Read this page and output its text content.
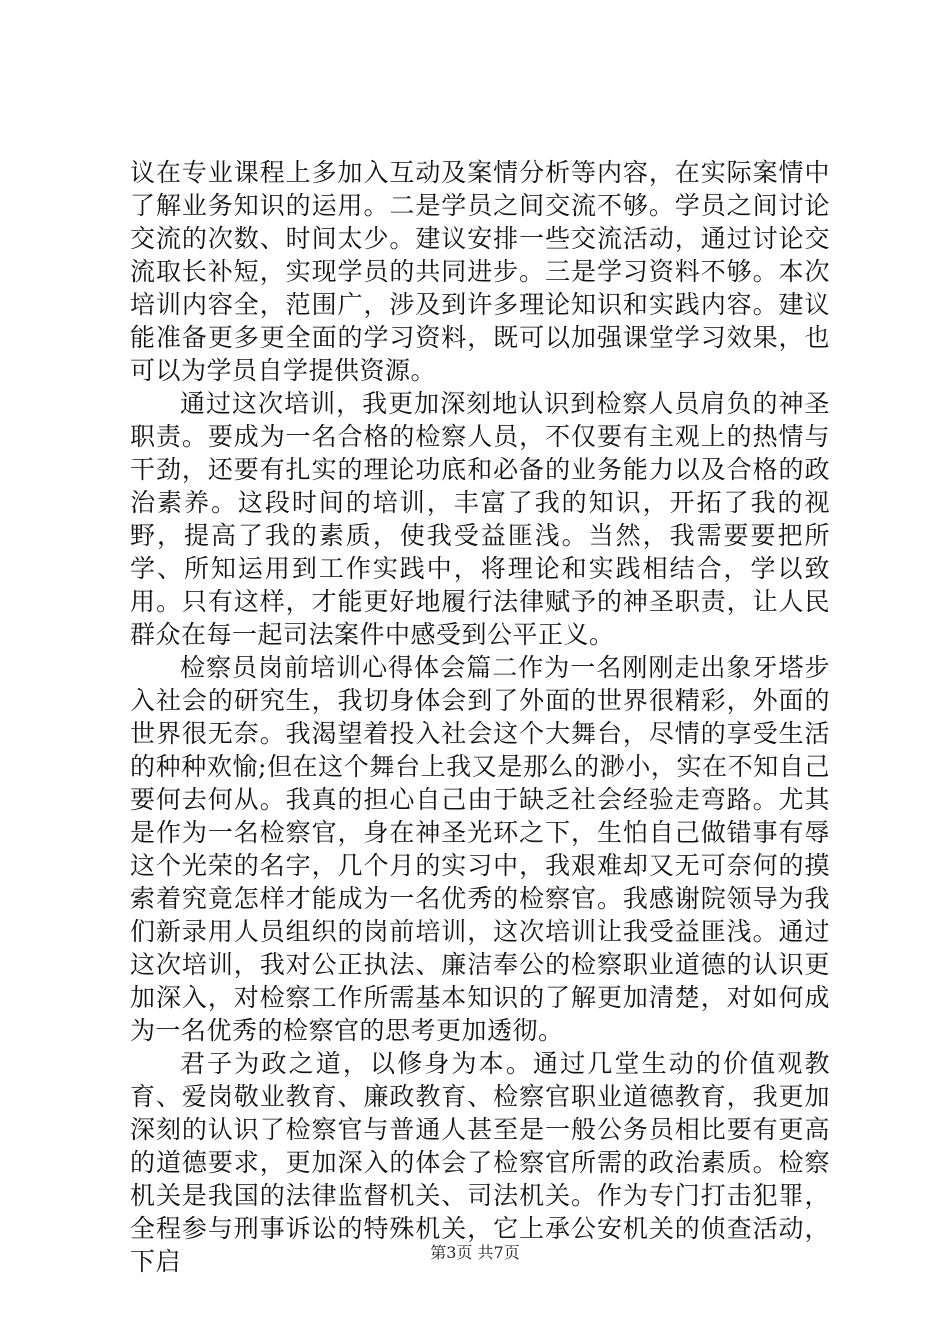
议在专业课程上多加入互动及案情分析等内容，在实际案情中了解业务知识的运用。二是学员之间交流不够。学员之间讨论交流的次数、时间太少。建议安排一些交流活动，通过讨论交流取长补短，实现学员的共同进步。三是学习资料不够。本次培训内容全，范围广，涉及到许多理论知识和实践内容。建议能准备更多更全面的学习资料，既可以加强课堂学习效果，也可以为学员自学提供资源。

通过这次培训，我更加深刻地认识到检察人员肩负的神圣职责。要成为一名合格的检察人员，不仅要有主观上的热情与干劲，还要有扎实的理论功底和必备的业务能力以及合格的政治素养。这段时间的培训，丰富了我的知识，开拓了我的视野，提高了我的素质，使我受益匪浅。当然，我需要要把所学、所知运用到工作实践中，将理论和实践相结合，学以致用。只有这样，才能更好地履行法律赋予的神圣职责，让人民群众在每一起司法案件中感受到公平正义。

检察员岗前培训心得体会篇二作为一名刚刚走出象牙塔步入社会的研究生，我切身体会到了外面的世界很精彩，外面的世界很无奈。我渴望着投入社会这个大舞台，尽情的享受生活的种种欢愉;但在这个舞台上我又是那么的渺小，实在不知自己要何去何从。我真的担心自己由于缺乏社会经验走弯路。尤其是作为一名检察官，身在神圣光环之下，生怕自己做错事有辱这个光荣的名字，几个月的实习中，我艰难却又无可奈何的摸索着究竟怎样才能成为一名优秀的检察官。我感谢院领导为我们新录用人员组织的岗前培训，这次培训让我受益匪浅。通过这次培训，我对公正执法、廉洁奉公的检察职业道德的认识更加深入，对检察工作所需基本知识的了解更加清楚，对如何成为一名优秀的检察官的思考更加透彻。

君子为政之道，以修身为本。通过几堂生动的价值观教育、爱岗敬业教育、廉政教育、检察官职业道德教育，我更加深刻的认识了检察官与普通人甚至是一般公务员相比要有更高的道德要求，更加深入的体会了检察官所需的政治素质。检察机关是我国的法律监督机关、司法机关。作为专门打击犯罪，全程参与刑事诉讼的特殊机关，它上承公安机关的侦查活动，下启	第3页 共7页
